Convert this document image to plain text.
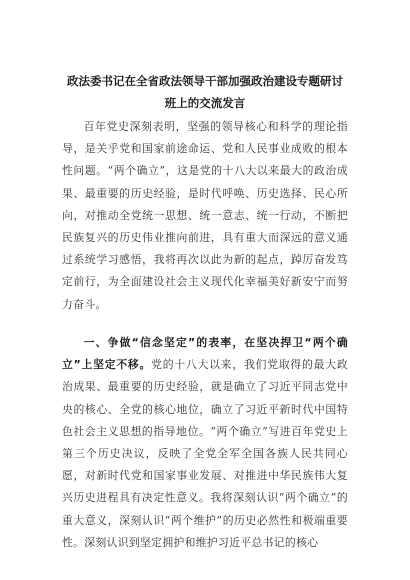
政法委书记在全省政法领导干部加强政治建设专题研讨班上的交流发言

百年党史深刻表明，坚强的领导核心和科学的理论指导，是关乎党和国家前途命运、党和人民事业成败的根本性问题。“两个确立”，这是党的十八大以来最大的政治成果、最重要的历史经验，是时代呼唤、历史选择、民心所向，对推动全党统一思想、统一意志、统一行动，不断把民族复兴的历史伟业推向前进，具有重大而深远的意义通过系统学习感悟，我将再次以此为新的起点，踔厉奋发笃定前行，为全面建设社会主义现代化幸福美好新安宁而努力奋斗。

一、争做“信念坚定”的表率，在坚决捍卫“两个确立”上坚定不移。党的十八大以来，我们党取得的最大政治成果、最重要的历史经验，就是确立了习近平同志党中央的核心、全党的核心地位，确立了习近平新时代中国特色社会主义思想的指导地位。“两个确立”写进百年党史上第三个历史决议，反映了全党全军全国各族人民共同心愿，对新时代党和国家事业发展、对推进中华民族伟大复兴历史进程具有决定性意义。我将深刻认识“两个确立”的重大意义，深刻认识“两个维护”的历史必然性和极端重要性。深刻认识到坚定拥护和维护习近平总书记的核心
